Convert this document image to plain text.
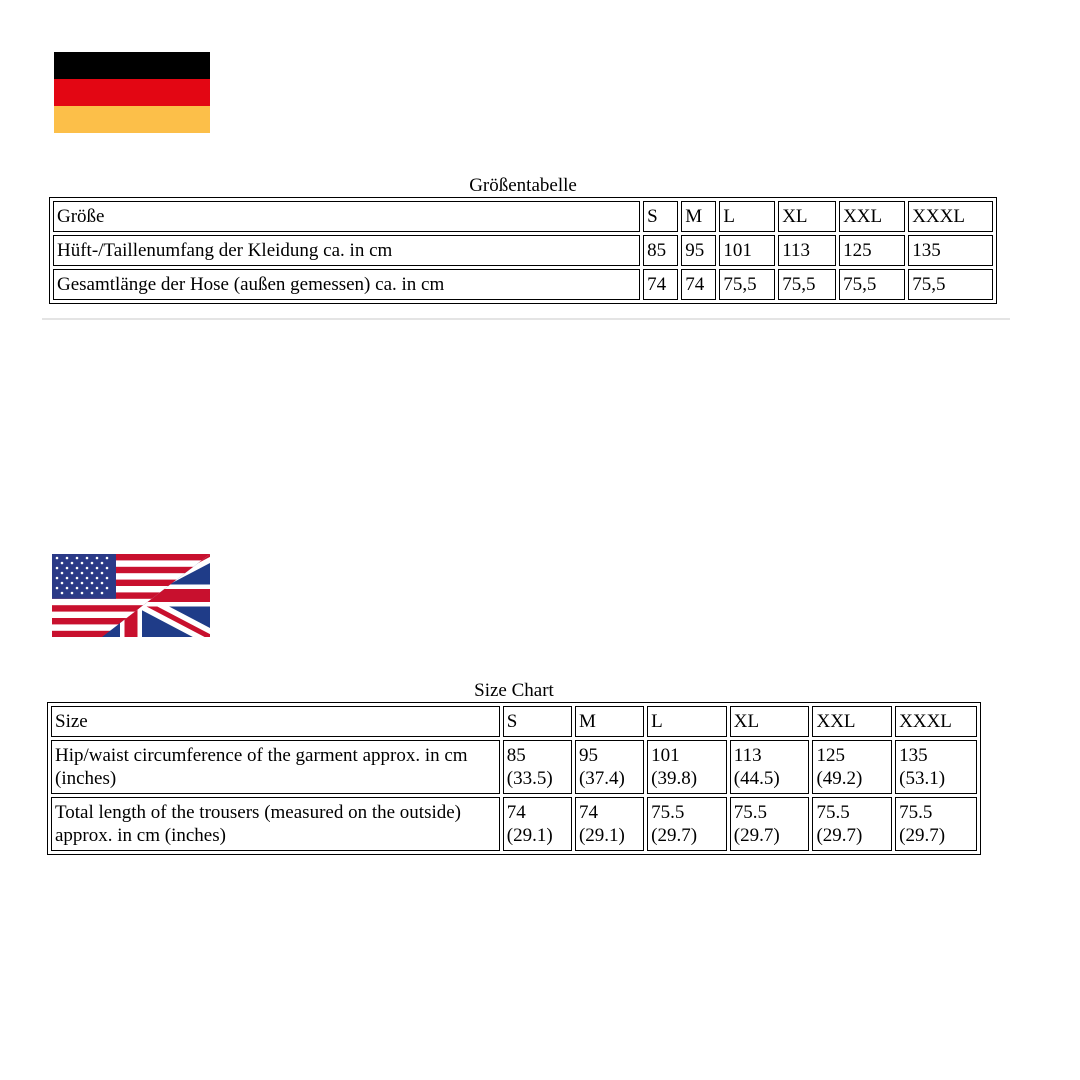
Größentabelle
Größe	S	M	L	XL	XXL	XXXL
Hüft-/Taillenumfang der Kleidung ca. in cm	85	95	101	113	125	135
Gesamtlänge der Hose (außen gemessen) ca. in cm	74	74	75,5	75,5	75,5	75,5
Size Chart
Size	S	M	L	XL	XXL	XXXL
Hip/waist circumference of the garment approx. in cm (inches)	85 (33.5)	95 (37.4)	101 (39.8)	113 (44.5)	125 (49.2)	135 (53.1)
Total length of the trousers (measured on the outside) approx. in cm (inches)	74 (29.1)	74 (29.1)	75.5 (29.7)	75.5 (29.7)	75.5 (29.7)	75.5 (29.7)
